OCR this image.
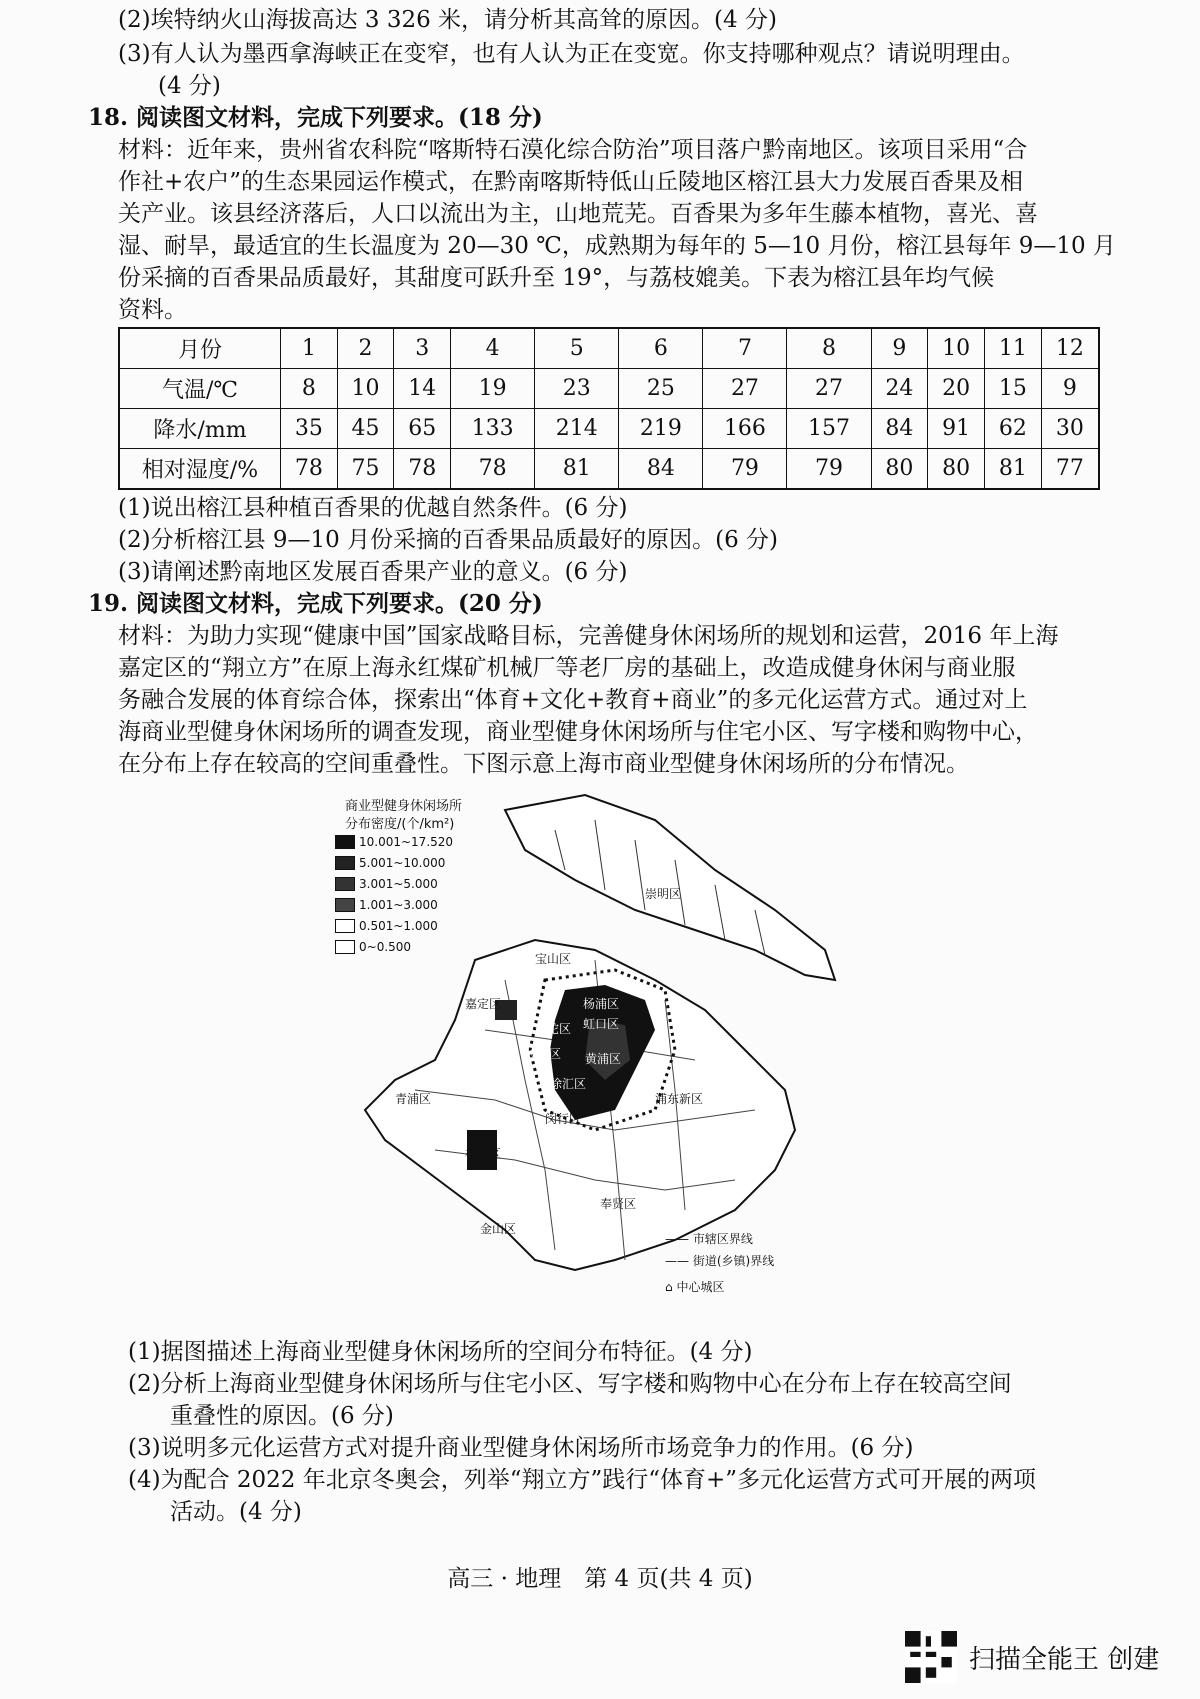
(2)埃特纳火山海拔高达 3 326 米，请分析其高耸的原因。(4 分)
(3)有人认为墨西拿海峡正在变窄，也有人认为正在变宽。你支持哪种观点？请说明理由。
(4 分)
18. 阅读图文材料，完成下列要求。(18 分)
材料：近年来，贵州省农科院“喀斯特石漠化综合防治”项目落户黔南地区。该项目采用“合
作社+农户”的生态果园运作模式，在黔南喀斯特低山丘陵地区榕江县大力发展百香果及相
关产业。该县经济落后，人口以流出为主，山地荒芜。百香果为多年生藤本植物，喜光、喜
湿、耐旱，最适宜的生长温度为 20—30 ℃，成熟期为每年的 5—10 月份，榕江县每年 9—10 月
份采摘的百香果品质最好，其甜度可跃升至 19°，与荔枝媲美。下表为榕江县年均气候
资料。
月份	1	2	3	4	5	6	7	8	9	10	11	12
气温/℃	8	10	14	19	23	25	27	27	24	20	15	9
降水/mm	35	45	65	133	214	219	166	157	84	91	62	30
相对湿度/%	78	75	78	78	81	84	79	79	80	80	81	77
(1)说出榕江县种植百香果的优越自然条件。(6 分)
(2)分析榕江县 9—10 月份采摘的百香果品质最好的原因。(6 分)
(3)请阐述黔南地区发展百香果产业的意义。(6 分)
19. 阅读图文材料，完成下列要求。(20 分)
材料：为助力实现“健康中国”国家战略目标，完善健身休闲场所的规划和运营，2016 年上海
嘉定区的“翔立方”在原上海永红煤矿机械厂等老厂房的基础上，改造成健身休闲与商业服
务融合发展的体育综合体，探索出“体育+文化+教育+商业”的多元化运营方式。通过对上
海商业型健身休闲场所的调查发现，商业型健身休闲场所与住宅小区、写字楼和购物中心，
在分布上存在较高的空间重叠性。下图示意上海市商业型健身休闲场所的分布情况。
商业型健身休闲场所
分布密度/(个/km²)
10.001~17.520
5.001~10.000
3.001~5.000
1.001~3.000
0.501~1.000
0~0.500
崇明区
宝山区
嘉定区
普陀区
杨浦区
虹口区
长宁区 黄浦区
徐汇区
闵行区
青浦区
松江区
浦东新区
奉贤区
金山区
—— 市辖区界线
—— 街道(乡镇)界线
⌂ 中心城区
(1)据图描述上海商业型健身休闲场所的空间分布特征。(4 分)
(2)分析上海商业型健身休闲场所与住宅小区、写字楼和购物中心在分布上存在较高空间
重叠性的原因。(6 分)
(3)说明多元化运营方式对提升商业型健身休闲场所市场竞争力的作用。(6 分)
(4)为配合 2022 年北京冬奥会，列举“翔立方”践行“体育+”多元化运营方式可开展的两项
活动。(4 分)
高三 · 地理　第 4 页(共 4 页)
扫描全能王 创建
